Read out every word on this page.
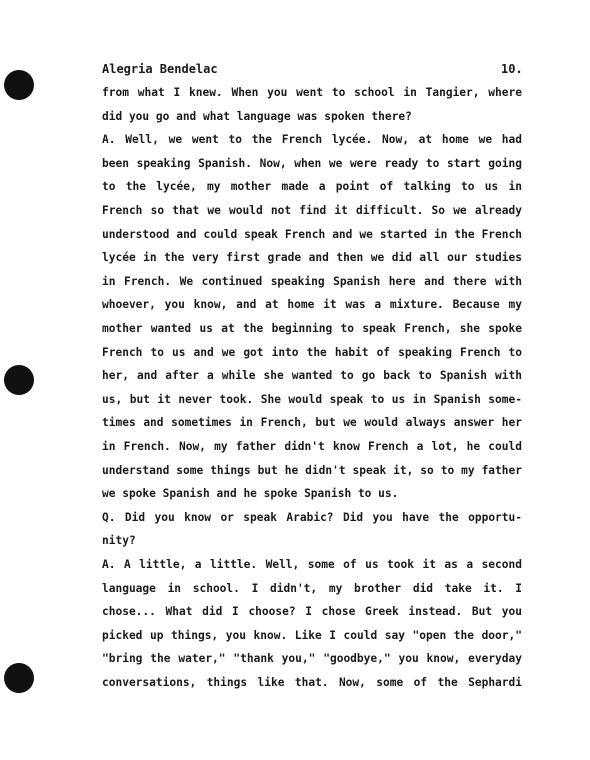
Alegria Bendelac	10.
from what I knew. When you went to school in Tangier, where
did you go and what language was spoken there?
A. Well, we went to the French lycée. Now, at home we had
been speaking Spanish. Now, when we were ready to start going
to the lycée, my mother made a point of talking to us in
French so that we would not find it difficult. So we already
understood and could speak French and we started in the French
lycée in the very first grade and then we did all our studies
in French. We continued speaking Spanish here and there with
whoever, you know, and at home it was a mixture. Because my
mother wanted us at the beginning to speak French, she spoke
French to us and we got into the habit of speaking French to
her, and after a while she wanted to go back to Spanish with
us, but it never took. She would speak to us in Spanish some-
times and sometimes in French, but we would always answer her
in French. Now, my father didn't know French a lot, he could
understand some things but he didn't speak it, so to my father
we spoke Spanish and he spoke Spanish to us.
Q. Did you know or speak Arabic? Did you have the opportu-
nity?
A. A little, a little. Well, some of us took it as a second
language in school. I didn't, my brother did take it. I
chose... What did I choose? I chose Greek instead. But you
picked up things, you know. Like I could say "open the door,"
"bring the water," "thank you," "goodbye," you know, everyday
conversations, things like that. Now, some of the Sephardi
